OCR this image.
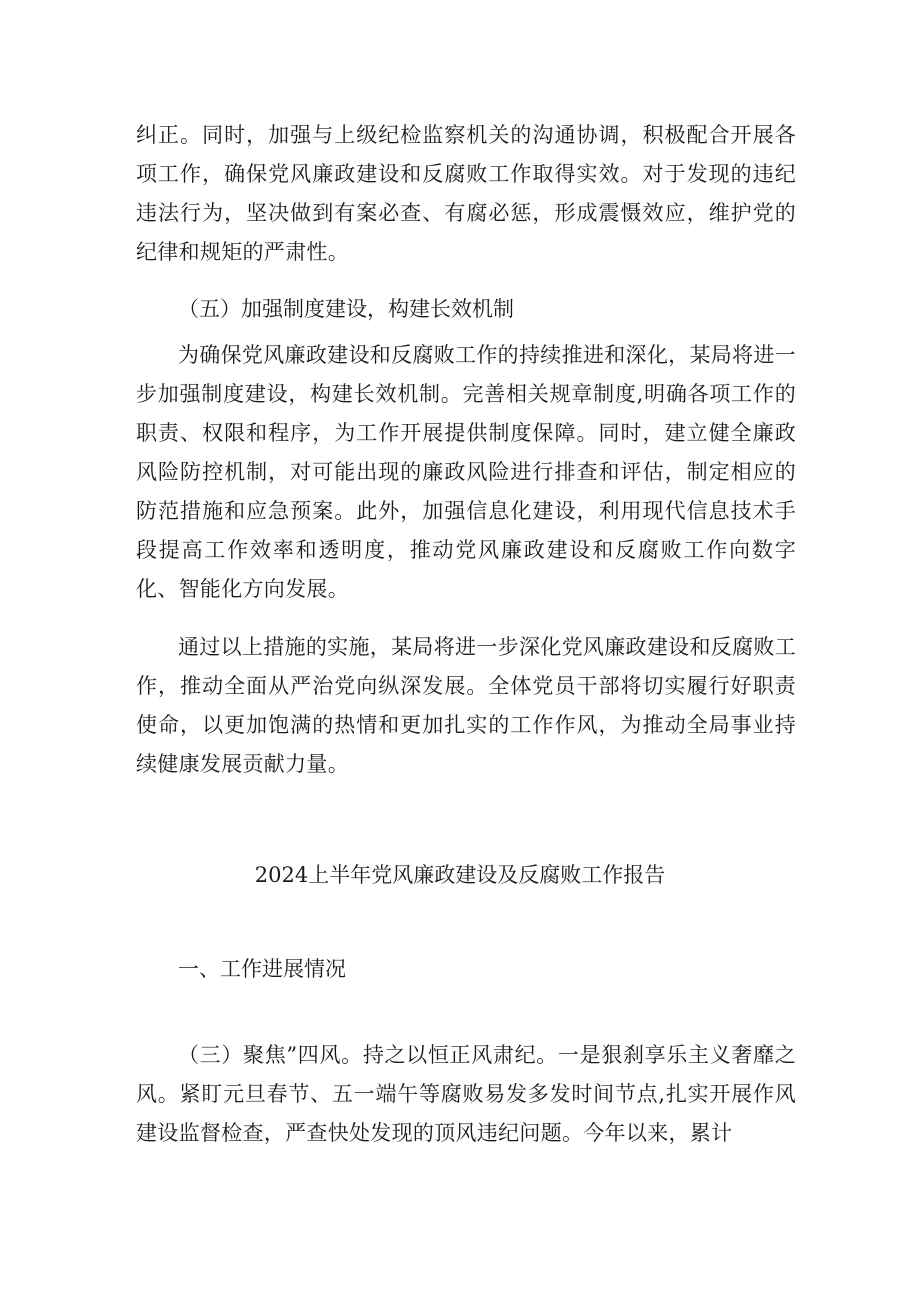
纠正。同时，加强与上级纪检监察机关的沟通协调，积极配合开展各项工作，确保党风廉政建设和反腐败工作取得实效。对于发现的违纪违法行为，坚决做到有案必查、有腐必惩，形成震慑效应，维护党的纪律和规矩的严肃性。

（五）加强制度建设，构建长效机制

为确保党风廉政建设和反腐败工作的持续推进和深化，某局将进一步加强制度建设，构建长效机制。完善相关规章制度,明确各项工作的职责、权限和程序，为工作开展提供制度保障。同时，建立健全廉政风险防控机制，对可能出现的廉政风险进行排查和评估，制定相应的防范措施和应急预案。此外，加强信息化建设，利用现代信息技术手段提高工作效率和透明度，推动党风廉政建设和反腐败工作向数字化、智能化方向发展。

通过以上措施的实施，某局将进一步深化党风廉政建设和反腐败工作，推动全面从严治党向纵深发展。全体党员干部将切实履行好职责使命，以更加饱满的热情和更加扎实的工作作风，为推动全局事业持续健康发展贡献力量。

2024上半年党风廉政建设及反腐败工作报告

一、工作进展情况

（三）聚焦”四风。持之以恒正风肃纪。一是狠刹享乐主义奢靡之风。紧盯元旦春节、五一端午等腐败易发多发时间节点,扎实开展作风建设监督检查，严查快处发现的顶风违纪问题。今年以来，累计
